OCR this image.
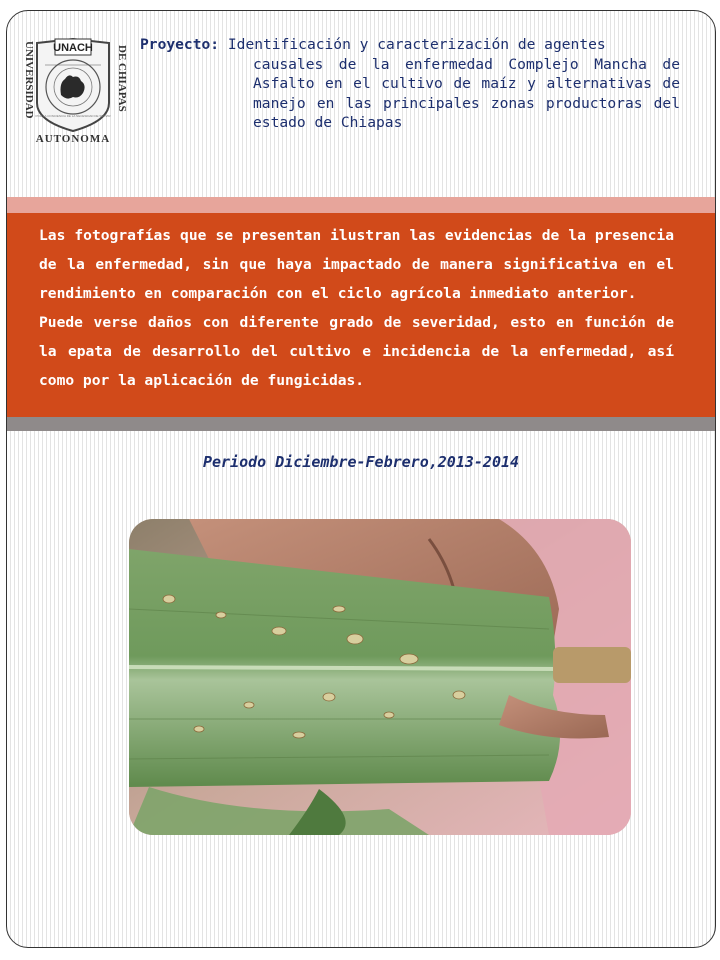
UNIVERSIDAD	DE CHIAPAS
UNACH
POR LA CONCIENCIA DE LA NECESIDAD DE SERVIR
AUTONOMA
Proyecto: Identificación y caracterización de agentes
causales de la enfermedad Complejo Mancha de Asfalto en el cultivo de maíz y alternativas de manejo en las principales zonas productoras del estado de Chiapas

Las fotografías que se presentan ilustran las evidencias de la presencia de la enfermedad, sin que haya impactado de manera significativa en el rendimiento en comparación con el ciclo agrícola inmediato anterior.

Puede verse daños con diferente grado de severidad, esto en función de la epata de desarrollo del cultivo e incidencia de la enfermedad, así como por la aplicación de fungicidas.

Periodo Diciembre-Febrero,2013-2014
